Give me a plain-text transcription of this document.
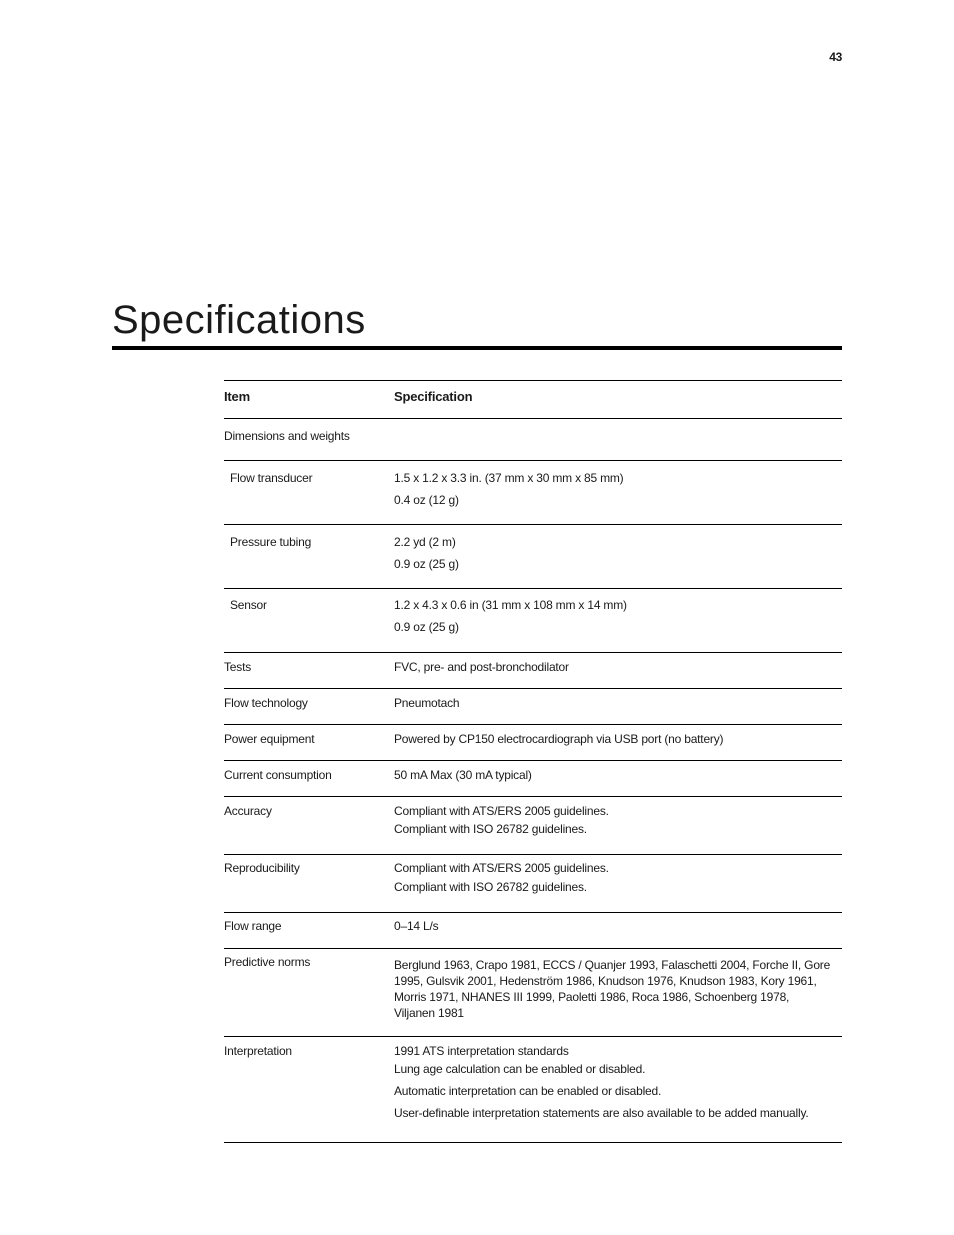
43
Specifications
Item	Specification
Dimensions and weights
Flow transducer	1.5 x 1.2 x 3.3 in. (37 mm x 30 mm x 85 mm)
0.4 oz (12 g)
Pressure tubing	2.2 yd (2 m)
0.9 oz (25 g)
Sensor	1.2 x 4.3 x 0.6 in (31 mm x 108 mm x 14 mm)
0.9 oz (25 g)
Tests	FVC, pre- and post-bronchodilator
Flow technology	Pneumotach
Power equipment	Powered by CP150 electrocardiograph via USB port (no battery)
Current consumption	50 mA Max (30 mA typical)
Accuracy	Compliant with ATS/ERS 2005 guidelines.
Compliant with ISO 26782 guidelines.
Reproducibility	Compliant with ATS/ERS 2005 guidelines.
Compliant with ISO 26782 guidelines.
Flow range	0–14 L/s
Predictive norms	Berglund 1963, Crapo 1981, ECCS / Quanjer 1993, Falaschetti 2004, Forche II, Gore 1995, Gulsvik 2001, Hedenström 1986, Knudson 1976, Knudson 1983, Kory 1961, Morris 1971, NHANES III 1999, Paoletti 1986, Roca 1986, Schoenberg 1978, Viljanen 1981
Interpretation	1991 ATS interpretation standards
Lung age calculation can be enabled or disabled.
Automatic interpretation can be enabled or disabled.
User-definable interpretation statements are also available to be added manually.
